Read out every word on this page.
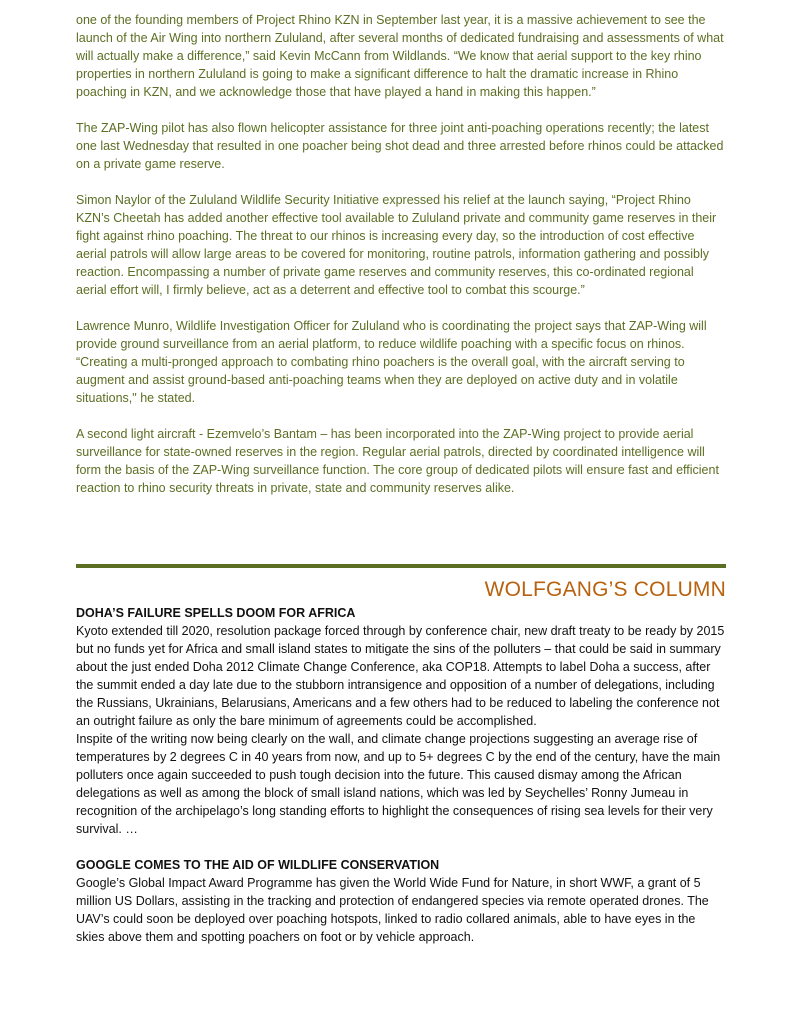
one of the founding members of Project Rhino KZN in September last year, it is a massive achievement to see the launch of the Air Wing into northern Zululand, after several months of dedicated fundraising and assessments of what will actually make a difference,” said Kevin McCann from Wildlands. “We know that aerial support to the key rhino properties in northern Zululand is going to make a significant difference to halt the dramatic increase in Rhino poaching in KZN, and we acknowledge those that have played a hand in making this happen.”

The ZAP-Wing pilot has also flown helicopter assistance for three joint anti-poaching operations recently; the latest one last Wednesday that resulted in one poacher being shot dead and three arrested before rhinos could be attacked on a private game reserve.

Simon Naylor of the Zululand Wildlife Security Initiative expressed his relief at the launch saying, “Project Rhino KZN’s Cheetah has added another effective tool available to Zululand private and community game reserves in their fight against rhino poaching. The threat to our rhinos is increasing every day, so the introduction of cost effective aerial patrols will allow large areas to be covered for monitoring, routine patrols, information gathering and possibly reaction. Encompassing a number of private game reserves and community reserves, this co-ordinated regional aerial effort will, I firmly believe, act as a deterrent and effective tool to combat this scourge.”

Lawrence Munro, Wildlife Investigation Officer for Zululand who is coordinating the project says that ZAP-Wing will provide ground surveillance from an aerial platform, to reduce wildlife poaching with a specific focus on rhinos. “Creating a multi-pronged approach to combating rhino poachers is the overall goal, with the aircraft serving to augment and assist ground-based anti-poaching teams when they are deployed on active duty and in volatile situations," he stated.

A second light aircraft - Ezemvelo’s Bantam – has been incorporated into the ZAP-Wing project to provide aerial surveillance for state-owned reserves in the region. Regular aerial patrols, directed by coordinated intelligence will form the basis of the ZAP-Wing surveillance function. The core group of dedicated pilots will ensure fast and efficient reaction to rhino security threats in private, state and community reserves alike.

WOLFGANG’S COLUMN
DOHA’S FAILURE SPELLS DOOM FOR AFRICA

Kyoto extended till 2020, resolution package forced through by conference chair, new draft treaty to be ready by 2015 but no funds yet for Africa and small island states to mitigate the sins of the polluters – that could be said in summary about the just ended Doha 2012 Climate Change Conference, aka COP18. Attempts to label Doha a success, after the summit ended a day late due to the stubborn intransigence and opposition of a number of delegations, including the Russians, Ukrainians, Belarusians, Americans and a few others had to be reduced to labeling the conference not an outright failure as only the bare minimum of agreements could be accomplished.

Inspite of the writing now being clearly on the wall, and climate change projections suggesting an average rise of temperatures by 2 degrees C in 40 years from now, and up to 5+ degrees C by the end of the century, have the main polluters once again succeeded to push tough decision into the future. This caused dismay among the African delegations as well as among the block of small island nations, which was led by Seychelles’ Ronny Jumeau in recognition of the archipelago’s long standing efforts to highlight the consequences of rising sea levels for their very survival. …

GOOGLE COMES TO THE AID OF WILDLIFE CONSERVATION

Google’s Global Impact Award Programme has given the World Wide Fund for Nature, in short WWF, a grant of 5 million US Dollars, assisting in the tracking and protection of endangered species via remote operated drones. The UAV’s could soon be deployed over poaching hotspots, linked to radio collared animals, able to have eyes in the skies above them and spotting poachers on foot or by vehicle approach.
